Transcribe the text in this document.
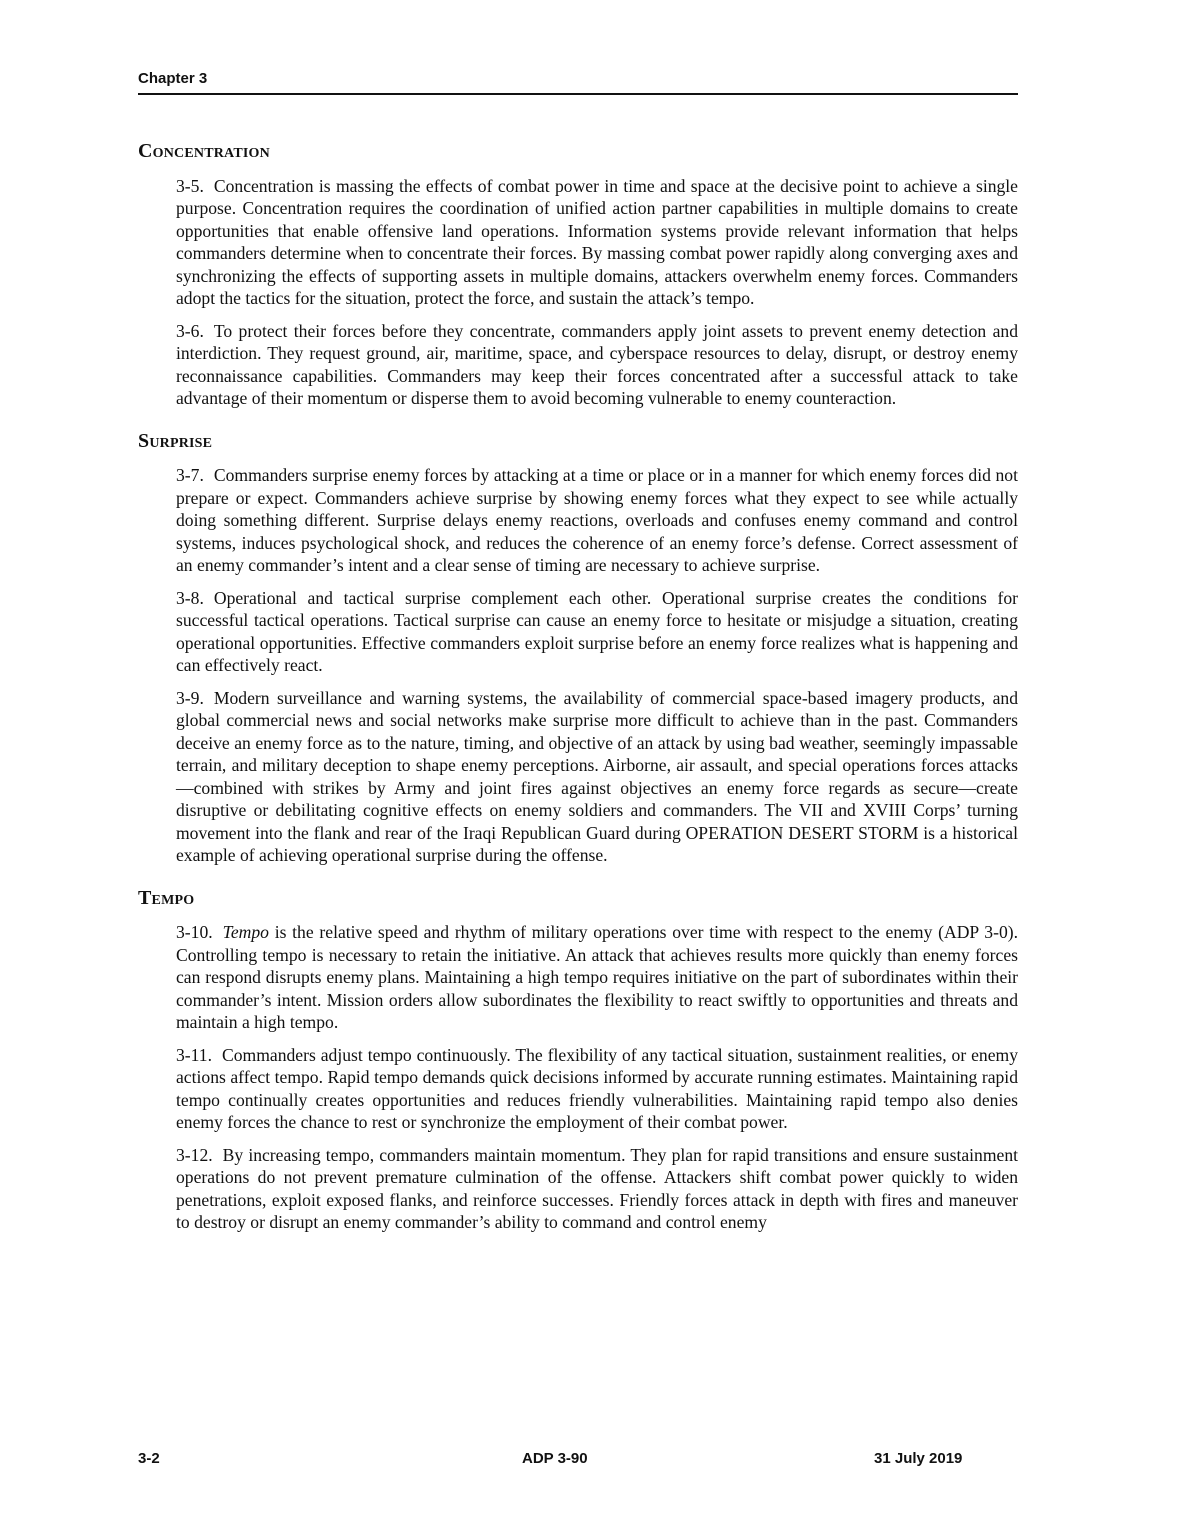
Chapter 3
Concentration

3-5. Concentration is massing the effects of combat power in time and space at the decisive point to achieve a single purpose. Concentration requires the coordination of unified action partner capabilities in multiple domains to create opportunities that enable offensive land operations. Information systems provide relevant information that helps commanders determine when to concentrate their forces. By massing combat power rapidly along converging axes and synchronizing the effects of supporting assets in multiple domains, attackers overwhelm enemy forces. Commanders adopt the tactics for the situation, protect the force, and sustain the attack’s tempo.

3-6. To protect their forces before they concentrate, commanders apply joint assets to prevent enemy detection and interdiction. They request ground, air, maritime, space, and cyberspace resources to delay, disrupt, or destroy enemy reconnaissance capabilities. Commanders may keep their forces concentrated after a successful attack to take advantage of their momentum or disperse them to avoid becoming vulnerable to enemy counteraction.

Surprise

3-7. Commanders surprise enemy forces by attacking at a time or place or in a manner for which enemy forces did not prepare or expect. Commanders achieve surprise by showing enemy forces what they expect to see while actually doing something different. Surprise delays enemy reactions, overloads and confuses enemy command and control systems, induces psychological shock, and reduces the coherence of an enemy force’s defense. Correct assessment of an enemy commander’s intent and a clear sense of timing are necessary to achieve surprise.

3-8. Operational and tactical surprise complement each other. Operational surprise creates the conditions for successful tactical operations. Tactical surprise can cause an enemy force to hesitate or misjudge a situation, creating operational opportunities. Effective commanders exploit surprise before an enemy force realizes what is happening and can effectively react.

3-9. Modern surveillance and warning systems, the availability of commercial space-based imagery products, and global commercial news and social networks make surprise more difficult to achieve than in the past. Commanders deceive an enemy force as to the nature, timing, and objective of an attack by using bad weather, seemingly impassable terrain, and military deception to shape enemy perceptions. Airborne, air assault, and special operations forces attacks—combined with strikes by Army and joint fires against objectives an enemy force regards as secure—create disruptive or debilitating cognitive effects on enemy soldiers and commanders. The VII and XVIII Corps’ turning movement into the flank and rear of the Iraqi Republican Guard during OPERATION DESERT STORM is a historical example of achieving operational surprise during the offense.

Tempo

3-10. Tempo is the relative speed and rhythm of military operations over time with respect to the enemy (ADP 3-0). Controlling tempo is necessary to retain the initiative. An attack that achieves results more quickly than enemy forces can respond disrupts enemy plans. Maintaining a high tempo requires initiative on the part of subordinates within their commander’s intent. Mission orders allow subordinates the flexibility to react swiftly to opportunities and threats and maintain a high tempo.

3-11. Commanders adjust tempo continuously. The flexibility of any tactical situation, sustainment realities, or enemy actions affect tempo. Rapid tempo demands quick decisions informed by accurate running estimates. Maintaining rapid tempo continually creates opportunities and reduces friendly vulnerabilities. Maintaining rapid tempo also denies enemy forces the chance to rest or synchronize the employment of their combat power.

3-12. By increasing tempo, commanders maintain momentum. They plan for rapid transitions and ensure sustainment operations do not prevent premature culmination of the offense. Attackers shift combat power quickly to widen penetrations, exploit exposed flanks, and reinforce successes. Friendly forces attack in depth with fires and maneuver to destroy or disrupt an enemy commander’s ability to command and control enemy

3-2	ADP 3-90	31 July 2019
